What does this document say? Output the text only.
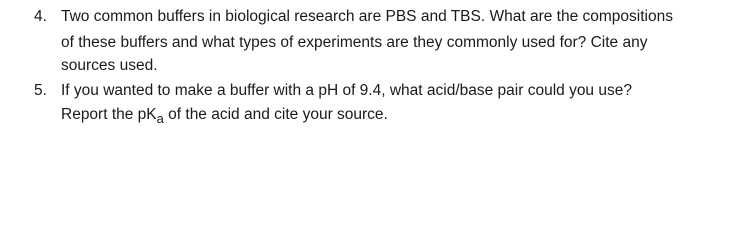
4. Two common buffers in biological research are PBS and TBS. What are the compositions
of these buffers and what types of experiments are they commonly used for? Cite any
sources used.
5. If you wanted to make a buffer with a pH of 9.4, what acid/base pair could you use?
Report the $pK_a$ of the acid and cite your source.
